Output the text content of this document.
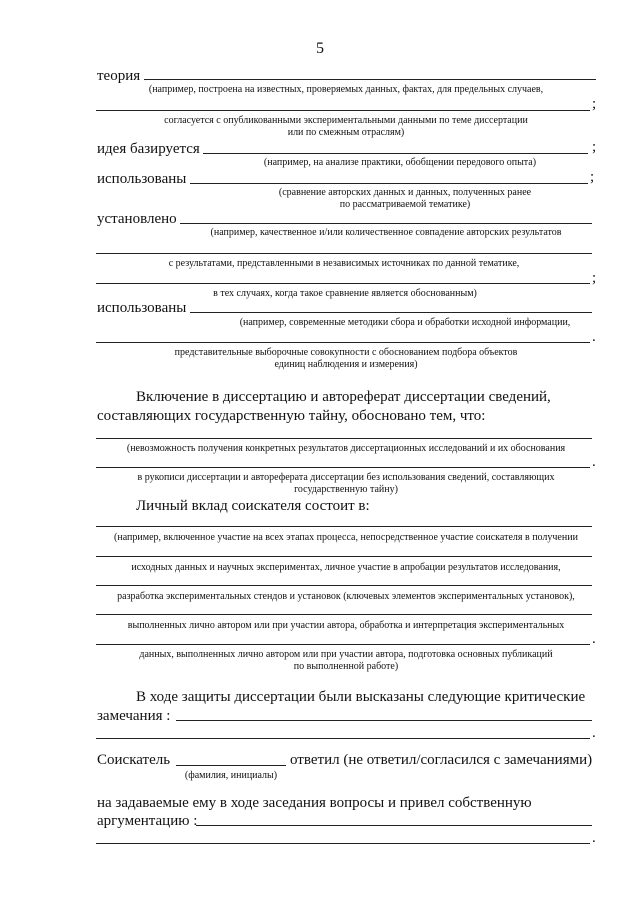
5
теория
(например, построена на известных, проверяемых данных, фактах, для предельных случаев,
;
согласуется с опубликованными экспериментальными данными по теме диссертации
или по смежным отраслям)
идея базируется	;
(например, на анализе практики, обобщении передового опыта)
использованы	;
(сравнение авторских данных и данных, полученных ранее
по рассматриваемой тематике)
установлено
(например, качественное и/или количественное совпадение авторских результатов
с результатами, представленными в независимых источниках по данной тематике,
;
в тех случаях, когда такое сравнение является обоснованным)
использованы
(например, современные методики сбора и обработки исходной информации,
.
представительные выборочные совокупности с обоснованием подбора объектов
единиц наблюдения и измерения)
Включение в диссертацию и автореферат диссертации сведений,
составляющих государственную тайну, обосновано тем, что:
(невозможность получения конкретных результатов диссертационных исследований и их обоснования
.
в рукописи диссертации и автореферата диссертации без использования сведений, составляющих
государственную тайну)
Личный вклад соискателя состоит в:
(например, включенное участие на всех этапах процесса, непосредственное участие соискателя в получении
исходных данных и научных экспериментах, личное участие в апробации результатов исследования,
разработка экспериментальных стендов и установок (ключевых элементов экспериментальных установок),
выполненных лично автором или при участии автора, обработка и интерпретация экспериментальных
.
данных, выполненных лично автором или при участии автора, подготовка основных публикаций
по выполненной работе)
В ходе защиты диссертации были высказаны следующие критические
замечания :
.
Соискатель	ответил (не ответил/согласился с замечаниями)
(фамилия, инициалы)
на задаваемые ему в ходе заседания вопросы и привел собственную
аргументацию :
.
